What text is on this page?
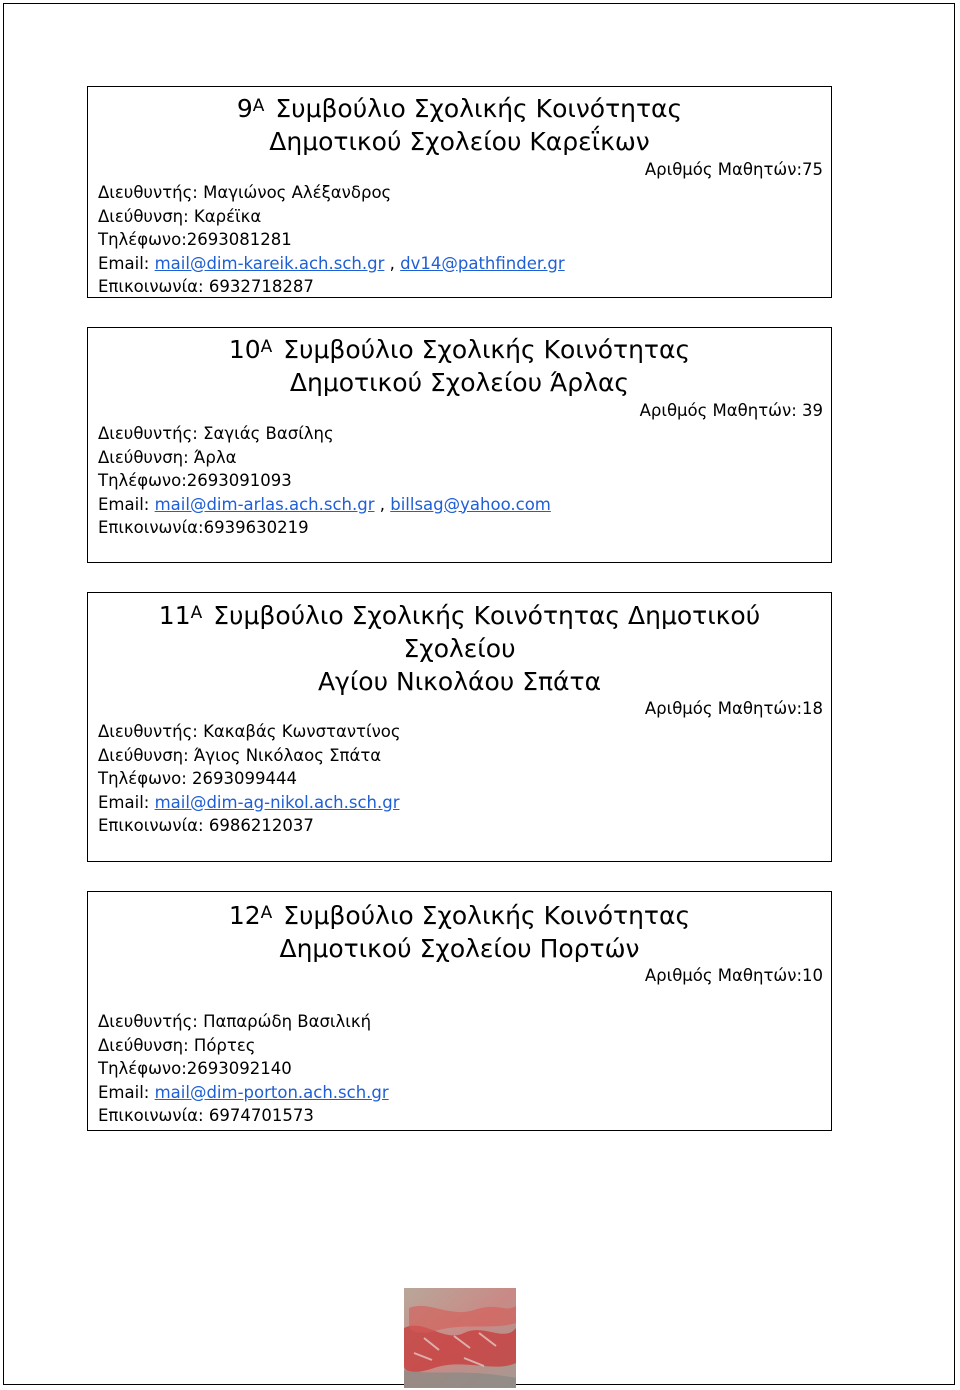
$9^A$ Συμβούλιο Σχολικής Κοινότητας
Δημοτικού Σχολείου Καρεΐκων
Αριθμός Μαθητών:75
Διευθυντής: Μαγιώνος Αλέξανδρος
Διεύθυνση: Καρέϊκα
Τηλέφωνο:2693081281
Email: mail@dim-kareik.ach.sch.gr , dv14@pathfinder.gr
Επικοινωνία: 6932718287
$10^A$ Συμβούλιο Σχολικής Κοινότητας
Δημοτικού Σχολείου Άρλας
Αριθμός Μαθητών: 39
Διευθυντής: Σαγιάς Βασίλης
Διεύθυνση: Άρλα
Τηλέφωνο:2693091093
Email: mail@dim-arlas.ach.sch.gr , billsag@yahoo.com
Επικοινωνία:6939630219
$11^A$ Συμβούλιο Σχολικής Κοινότητας Δημοτικού
Σχολείου
Αγίου Νικολάου Σπάτα
Αριθμός Μαθητών:18
Διευθυντής: Κακαβάς Κωνσταντίνος
Διεύθυνση: Άγιος Νικόλαος Σπάτα
Τηλέφωνο: 2693099444
Email: mail@dim-ag-nikol.ach.sch.gr
Επικοινωνία: 6986212037
$12^A$ Συμβούλιο Σχολικής Κοινότητας
Δημοτικού Σχολείου Πορτών
Αριθμός Μαθητών:10
Διευθυντής: Παπαρώδη Βασιλική
Διεύθυνση: Πόρτες
Τηλέφωνο:2693092140
Email: mail@dim-porton.ach.sch.gr
Επικοινωνία: 6974701573
